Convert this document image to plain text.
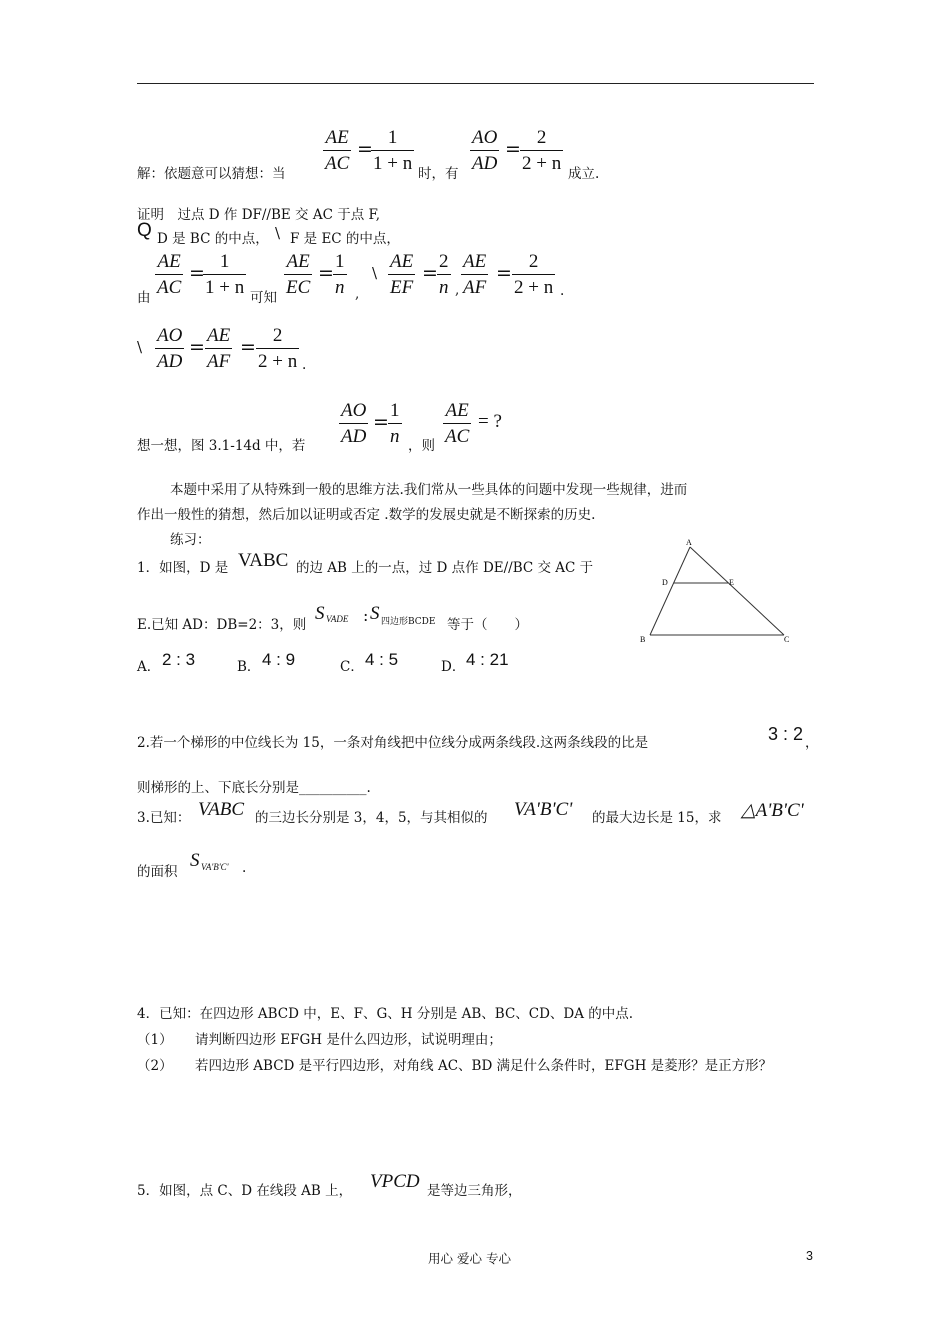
解：依题意可以猜想：当
AE
AC
=
1
1 + n 时，有
AO
AD
=
2
2 + n 成立.
证明　过点 D 作 DF//BE 交 AC 于点 F,
Q D 是 BC 的中点， \ F 是 EC 的中点，
由
AE
AC
=
1
1 + n 可知
AE
EC
=
1
n ,
\
AE
EF
=
2
n ,
AE
AF
=
2
2 + n .
\
AO
AD
=
AE
AF
=
2
2 + n .
想一想，图 3.1-14d 中，若
AO
AD
=
1
n ，则
AE
AC
= ?
本题中采用了从特殊到一般的思维方法.我们常从一些具体的问题中发现一些规律，进而
作出一般性的猜想，然后加以证明或否定 .数学的发展史就是不断探索的历史.
练习：
1．如图，D 是 VABC 的边 AB 上的一点，过 D 点作 DE//BC 交 AC 于
E.已知 AD：DB=2：3，则
S VADE : S 四边形BCDE 等于（　　）
A． 2 : 3	B． 4 : 9	C． 4 : 5	D． 4 : 21
A
D	E
B	C
2.若一个梯形的中位线长为 15，一条对角线把中位线分成两条线段.这两条线段的比是	3 : 2 ，
则梯形的上、下底长分别是__________.
3.已知： VABC 的三边长分别是 3，4，5，与其相似的 VA'B'C' 的最大边长是 15，求 △A'B'C'
的面积
S VA'B'C' .
4．已知：在四边形 ABCD 中，E、F、G、H 分别是 AB、BC、CD、DA 的中点.
（1） 请判断四边形 EFGH 是什么四边形，试说明理由；
（2） 若四边形 ABCD 是平行四边形，对角线 AC、BD 满足什么条件时，EFGH 是菱形？是正方形？
5．如图，点 C、D 在线段 AB 上， VPCD 是等边三角形，
用心 爱心 专心	3
